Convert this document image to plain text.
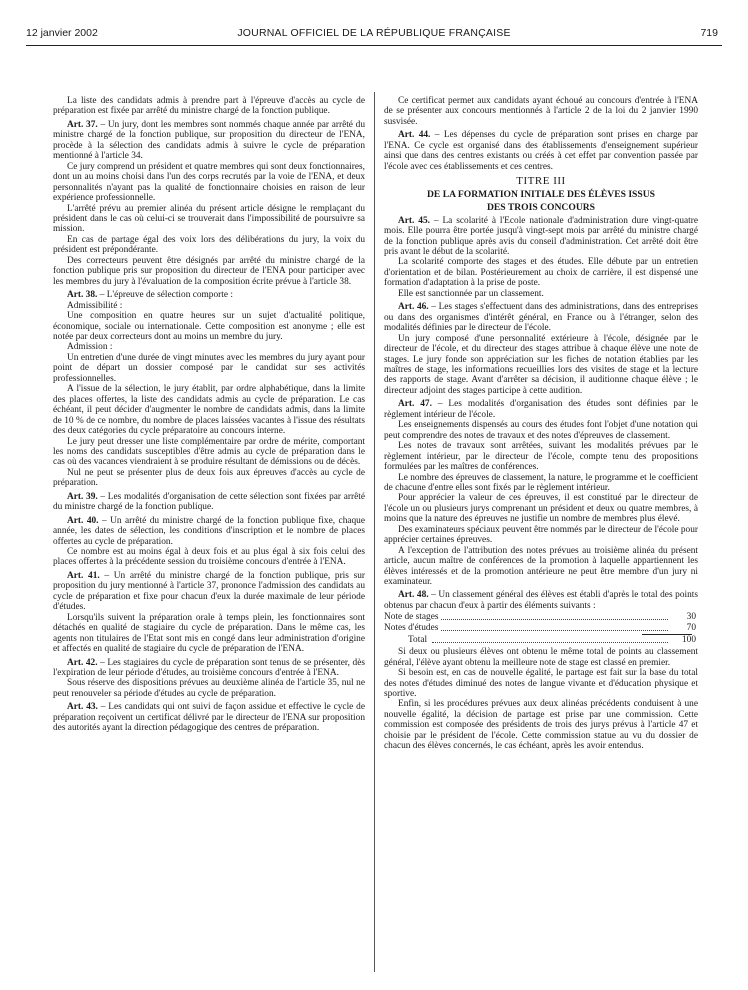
12 janvier 2002	JOURNAL OFFICIEL DE LA RÉPUBLIQUE FRANÇAISE	719

La liste des candidats admis à prendre part à l'épreuve d'accès au cycle de préparation est fixée par arrêté du ministre chargé de la fonction publique.

Art. 37. – Un jury, dont les membres sont nommés chaque année par arrêté du ministre chargé de la fonction publique, sur proposition du directeur de l'ENA, procède à la sélection des candidats admis à suivre le cycle de préparation mentionné à l'article 34.

Ce jury comprend un président et quatre membres qui sont deux fonctionnaires, dont un au moins choisi dans l'un des corps recrutés par la voie de l'ENA, et deux personnalités n'ayant pas la qualité de fonctionnaire choisies en raison de leur expérience professionnelle.

L'arrêté prévu au premier alinéa du présent article désigne le remplaçant du président dans le cas où celui-ci se trouverait dans l'impossibilité de poursuivre sa mission.

En cas de partage égal des voix lors des délibérations du jury, la voix du président est prépondérante.

Des correcteurs peuvent être désignés par arrêté du ministre chargé de la fonction publique pris sur proposition du directeur de l'ENA pour participer avec les membres du jury à l'évaluation de la composition écrite prévue à l'article 38.

Art. 38. – L'épreuve de sélection comporte :

Admissibilité :

Une composition en quatre heures sur un sujet d'actualité politique, économique, sociale ou internationale. Cette composition est anonyme ; elle est notée par deux correcteurs dont au moins un membre du jury.

Admission :

Un entretien d'une durée de vingt minutes avec les membres du jury ayant pour point de départ un dossier composé par le candidat sur ses activités professionnelles.

A l'issue de la sélection, le jury établit, par ordre alphabétique, dans la limite des places offertes, la liste des candidats admis au cycle de préparation. Le cas échéant, il peut décider d'augmenter le nombre de candidats admis, dans la limite de 10 % de ce nombre, du nombre de places laissées vacantes à l'issue des résultats des deux catégories du cycle préparatoire au concours interne.

Le jury peut dresser une liste complémentaire par ordre de mérite, comportant les noms des candidats susceptibles d'être admis au cycle de préparation dans le cas où des vacances viendraient à se produire résultant de démissions ou de décès.

Nul ne peut se présenter plus de deux fois aux épreuves d'accès au cycle de préparation.

Art. 39. – Les modalités d'organisation de cette sélection sont fixées par arrêté du ministre chargé de la fonction publique.

Art. 40. – Un arrêté du ministre chargé de la fonction publique fixe, chaque année, les dates de sélection, les conditions d'inscription et le nombre de places offertes au cycle de préparation.

Ce nombre est au moins égal à deux fois et au plus égal à six fois celui des places offertes à la précédente session du troisième concours d'entrée à l'ENA.

Art. 41. – Un arrêté du ministre chargé de la fonction publique, pris sur proposition du jury mentionné à l'article 37, prononce l'admission des candidats au cycle de préparation et fixe pour chacun d'eux la durée maximale de leur période d'études.

Lorsqu'ils suivent la préparation orale à temps plein, les fonctionnaires sont détachés en qualité de stagiaire du cycle de préparation. Dans le même cas, les agents non titulaires de l'Etat sont mis en congé dans leur administration d'origine et affectés en qualité de stagiaire du cycle de préparation de l'ENA.

Art. 42. – Les stagiaires du cycle de préparation sont tenus de se présenter, dès l'expiration de leur période d'études, au troisième concours d'entrée à l'ENA.

Sous réserve des dispositions prévues au deuxième alinéa de l'article 35, nul ne peut renouveler sa période d'études au cycle de préparation.

Art. 43. – Les candidats qui ont suivi de façon assidue et effective le cycle de préparation reçoivent un certificat délivré par le directeur de l'ENA sur proposition des autorités ayant la direction pédagogique des centres de préparation.

Ce certificat permet aux candidats ayant échoué au concours d'entrée à l'ENA de se présenter aux concours mentionnés à l'article 2 de la loi du 2 janvier 1990 susvisée.

Art. 44. – Les dépenses du cycle de préparation sont prises en charge par l'ENA. Ce cycle est organisé dans des établissements d'enseignement supérieur ainsi que dans des centres existants ou créés à cet effet par convention passée par l'école avec ces établissements et ces centres.

TITRE III
DE LA FORMATION INITIALE DES ÉLÈVES ISSUS
DES TROIS CONCOURS

Art. 45. – La scolarité à l'Ecole nationale d'administration dure vingt-quatre mois. Elle pourra être portée jusqu'à vingt-sept mois par arrêté du ministre chargé de la fonction publique après avis du conseil d'administration. Cet arrêté doit être pris avant le début de la scolarité.

La scolarité comporte des stages et des études. Elle débute par un entretien d'orientation et de bilan. Postérieurement au choix de carrière, il est dispensé une formation d'adaptation à la prise de poste.

Elle est sanctionnée par un classement.

Art. 46. – Les stages s'effectuent dans des administrations, dans des entreprises ou dans des organismes d'intérêt général, en France ou à l'étranger, selon des modalités définies par le directeur de l'école.

Un jury composé d'une personnalité extérieure à l'école, désignée par le directeur de l'école, et du directeur des stages attribue à chaque élève une note de stages. Le jury fonde son appréciation sur les fiches de notation établies par les maîtres de stage, les informations recueillies lors des visites de stage et la lecture des rapports de stage. Avant d'arrêter sa décision, il auditionne chaque élève ; le directeur adjoint des stages participe à cette audition.

Art. 47. – Les modalités d'organisation des études sont définies par le règlement intérieur de l'école.

Les enseignements dispensés au cours des études font l'objet d'une notation qui peut comprendre des notes de travaux et des notes d'épreuves de classement.

Les notes de travaux sont arrêtées, suivant les modalités prévues par le règlement intérieur, par le directeur de l'école, compte tenu des propositions formulées par les maîtres de conférences.

Le nombre des épreuves de classement, la nature, le programme et le coefficient de chacune d'entre elles sont fixés par le règlement intérieur.

Pour apprécier la valeur de ces épreuves, il est constitué par le directeur de l'école un ou plusieurs jurys comprenant un président et deux ou quatre membres, à moins que la nature des épreuves ne justifie un nombre de membres plus élevé.

Des examinateurs spéciaux peuvent être nommés par le directeur de l'école pour apprécier certaines épreuves.

A l'exception de l'attribution des notes prévues au troisième alinéa du présent article, aucun maître de conférences de la promotion à laquelle appartiennent les élèves intéressés et de la promotion antérieure ne peut être membre d'un jury ni examinateur.

Art. 48. – Un classement général des élèves est établi d'après le total des points obtenus par chacun d'eux à partir des éléments suivants :

Note de stages	30
Notes d'études	70
Total	100

Si deux ou plusieurs élèves ont obtenu le même total de points au classement général, l'élève ayant obtenu la meilleure note de stage est classé en premier.

Si besoin est, en cas de nouvelle égalité, le partage est fait sur la base du total des notes d'études diminué des notes de langue vivante et d'éducation physique et sportive.

Enfin, si les procédures prévues aux deux alinéas précédents conduisent à une nouvelle égalité, la décision de partage est prise par une commission. Cette commission est composée des présidents de trois des jurys prévus à l'article 47 et choisie par le président de l'école. Cette commission statue au vu du dossier de chacun des élèves concernés, le cas échéant, après les avoir entendus.
